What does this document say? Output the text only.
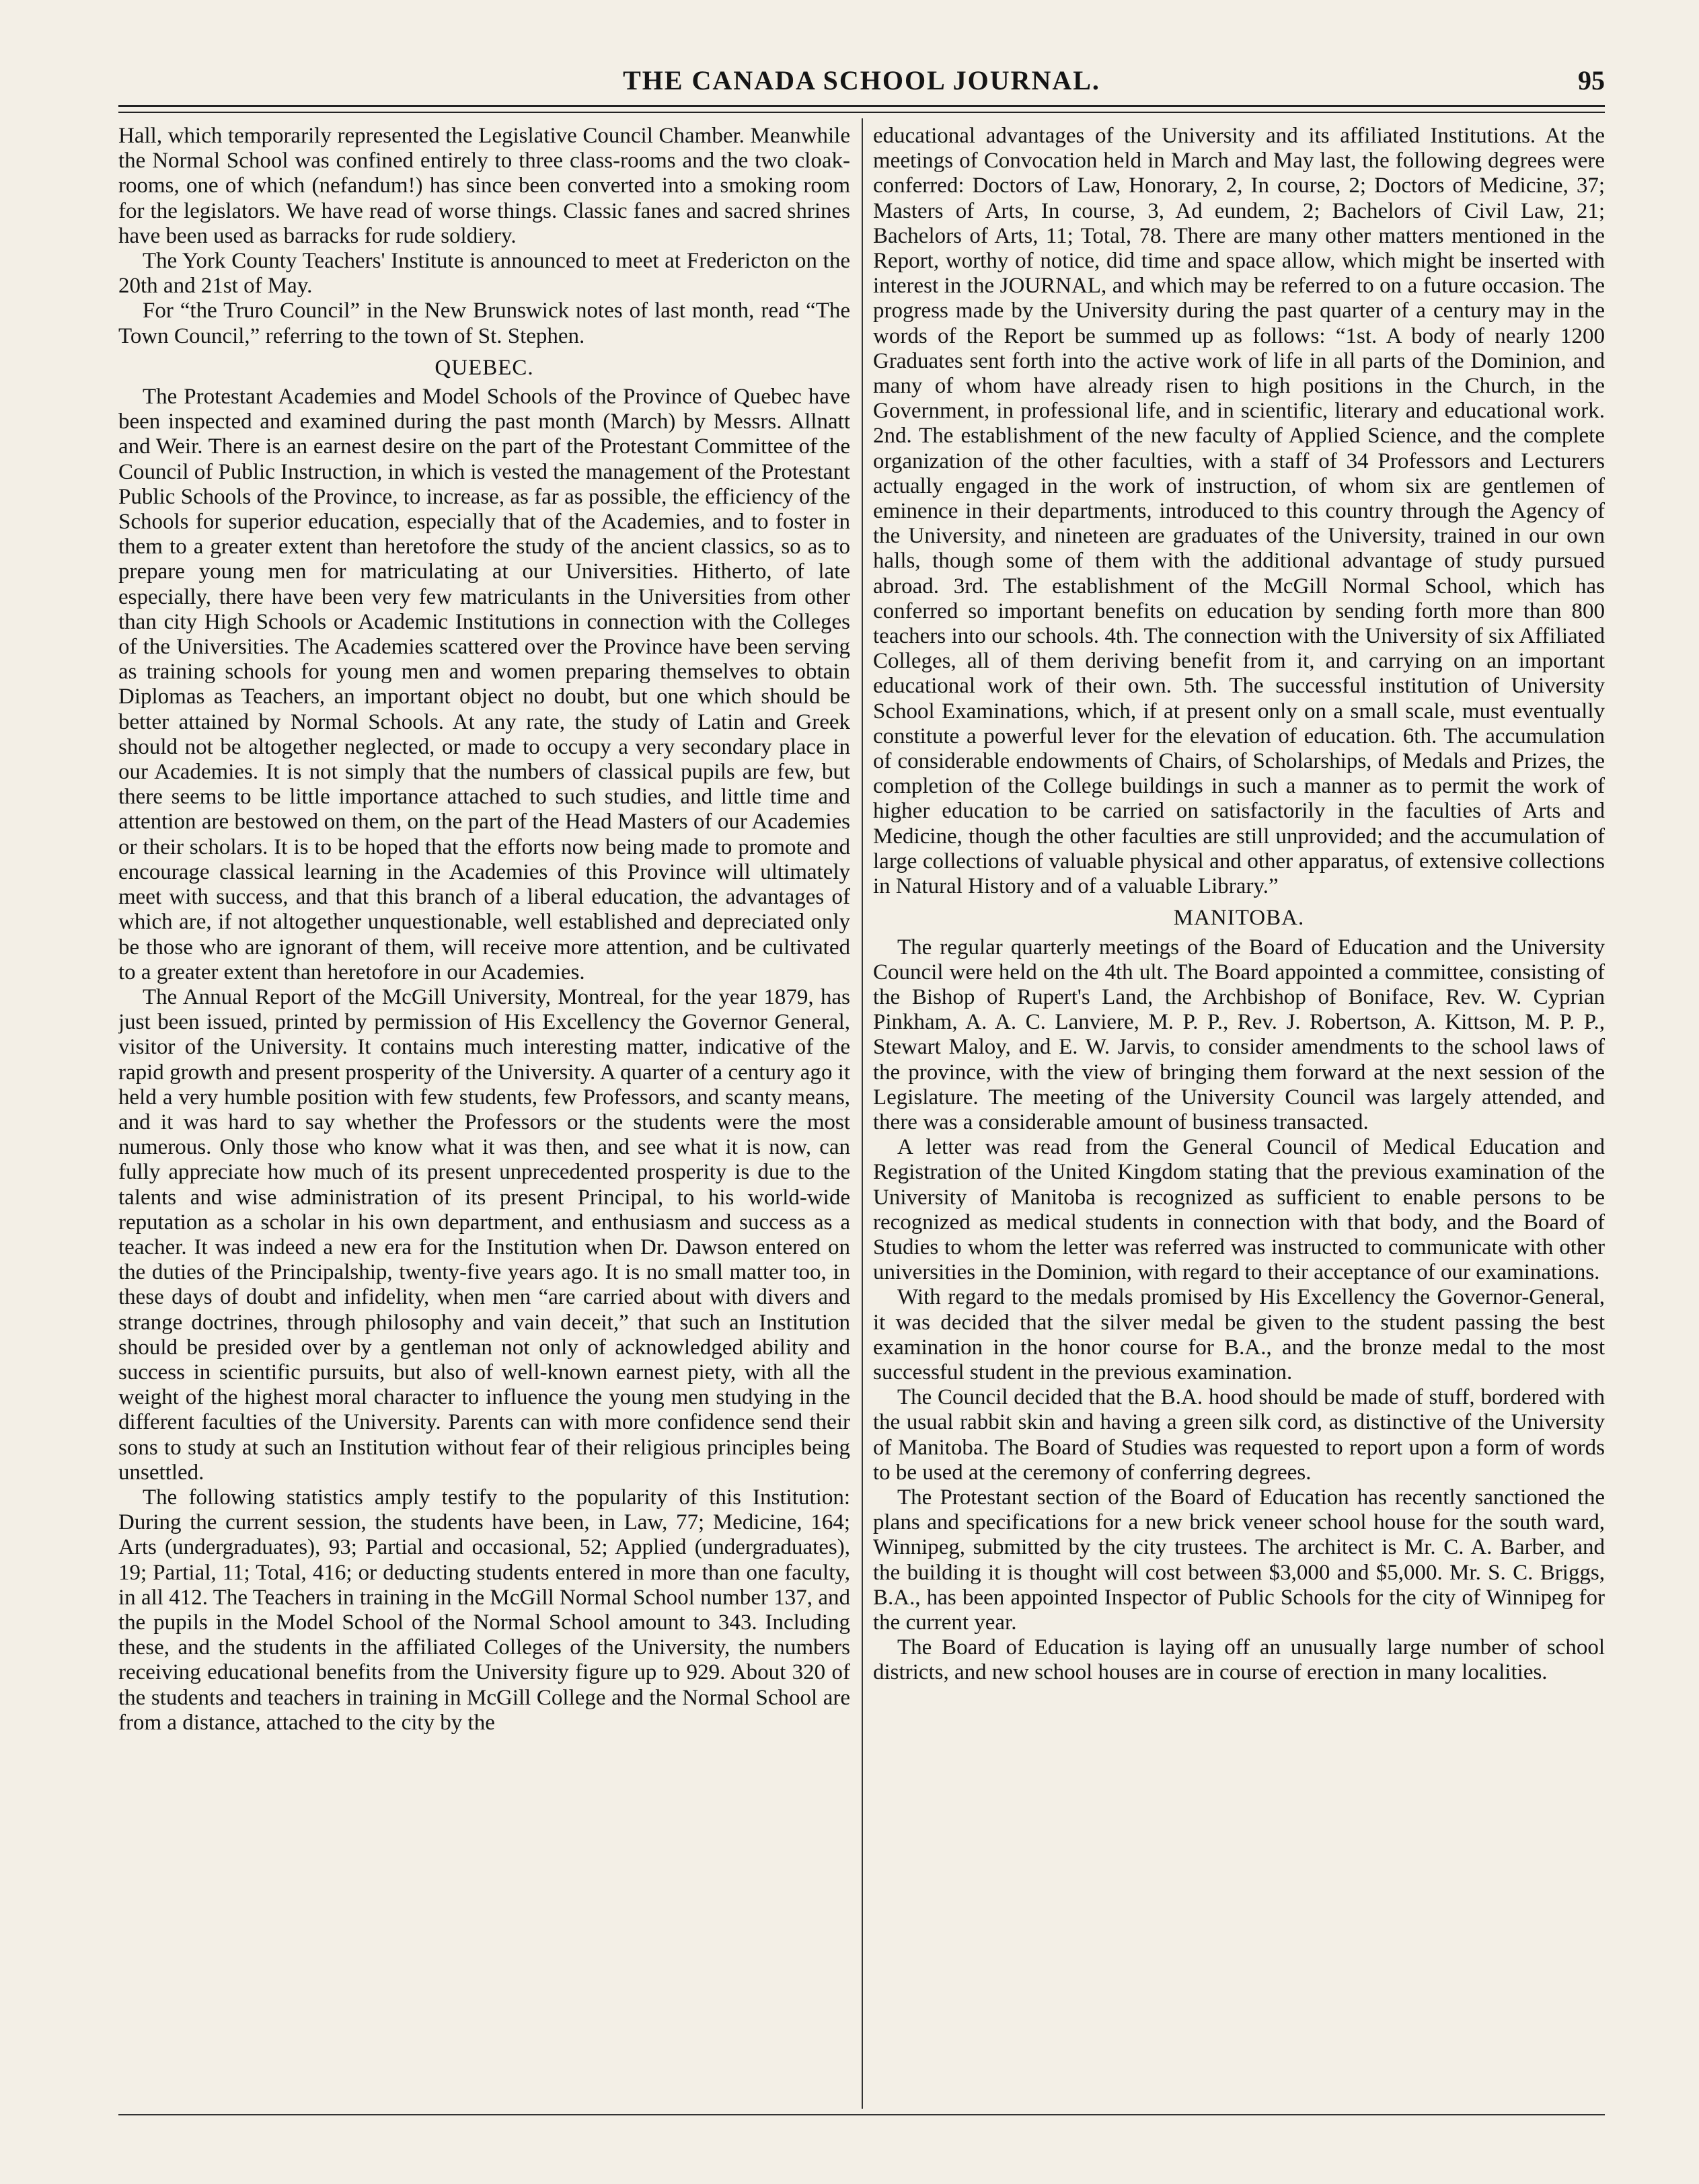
THE CANADA SCHOOL JOURNAL.	95

Hall, which temporarily represented the Legislative Council Chamber. Meanwhile the Normal School was confined entirely to three class-rooms and the two cloak-rooms, one of which (nefandum!) has since been converted into a smoking room for the legislators. We have read of worse things. Classic fanes and sacred shrines have been used as barracks for rude soldiery.

The York County Teachers' Institute is announced to meet at Fredericton on the 20th and 21st of May.

For “the Truro Council” in the New Brunswick notes of last month, read “The Town Council,” referring to the town of St. Stephen.

QUEBEC.

The Protestant Academies and Model Schools of the Province of Quebec have been inspected and examined during the past month (March) by Messrs. Allnatt and Weir. There is an earnest desire on the part of the Protestant Committee of the Council of Public Instruction, in which is vested the management of the Protestant Public Schools of the Province, to increase, as far as possible, the efficiency of the Schools for superior education, especially that of the Academies, and to foster in them to a greater extent than heretofore the study of the ancient classics, so as to prepare young men for matriculating at our Universities. Hitherto, of late especially, there have been very few matriculants in the Universities from other than city High Schools or Academic Institutions in connection with the Colleges of the Universities. The Academies scattered over the Province have been serving as training schools for young men and women preparing themselves to obtain Diplomas as Teachers, an important object no doubt, but one which should be better attained by Normal Schools. At any rate, the study of Latin and Greek should not be altogether neglected, or made to occupy a very secondary place in our Academies. It is not simply that the numbers of classical pupils are few, but there seems to be little importance attached to such studies, and little time and attention are bestowed on them, on the part of the Head Masters of our Academies or their scholars. It is to be hoped that the efforts now being made to promote and encourage classical learning in the Academies of this Province will ultimately meet with success, and that this branch of a liberal education, the advantages of which are, if not altogether unquestionable, well established and depreciated only be those who are ignorant of them, will receive more attention, and be cultivated to a greater extent than heretofore in our Academies.

The Annual Report of the McGill University, Montreal, for the year 1879, has just been issued, printed by permission of His Excellency the Governor General, visitor of the University. It contains much interesting matter, indicative of the rapid growth and present prosperity of the University. A quarter of a century ago it held a very humble position with few students, few Professors, and scanty means, and it was hard to say whether the Professors or the students were the most numerous. Only those who know what it was then, and see what it is now, can fully appreciate how much of its present unprecedented prosperity is due to the talents and wise administration of its present Principal, to his world-wide reputation as a scholar in his own department, and enthusiasm and success as a teacher. It was indeed a new era for the Institution when Dr. Dawson entered on the duties of the Principalship, twenty-five years ago. It is no small matter too, in these days of doubt and infidelity, when men “are carried about with divers and strange doctrines, through philosophy and vain deceit,” that such an Institution should be presided over by a gentleman not only of acknowledged ability and success in scientific pursuits, but also of well-known earnest piety, with all the weight of the highest moral character to influence the young men studying in the different faculties of the University. Parents can with more confidence send their sons to study at such an Institution without fear of their religious principles being unsettled.

The following statistics amply testify to the popularity of this Institution: During the current session, the students have been, in Law, 77; Medicine, 164; Arts (undergraduates), 93; Partial and occasional, 52; Applied (undergraduates), 19; Partial, 11; Total, 416; or deducting students entered in more than one faculty, in all 412. The Teachers in training in the McGill Normal School number 137, and the pupils in the Model School of the Normal School amount to 343. Including these, and the students in the affiliated Colleges of the University, the numbers receiving educational benefits from the University figure up to 929. About 320 of the students and teachers in training in McGill College and the Normal School are from a distance, attached to the city by the

educational advantages of the University and its affiliated Institutions. At the meetings of Convocation held in March and May last, the following degrees were conferred: Doctors of Law, Honorary, 2, In course, 2; Doctors of Medicine, 37; Masters of Arts, In course, 3, Ad eundem, 2; Bachelors of Civil Law, 21; Bachelors of Arts, 11; Total, 78. There are many other matters mentioned in the Report, worthy of notice, did time and space allow, which might be inserted with interest in the JOURNAL, and which may be referred to on a future occasion. The progress made by the University during the past quarter of a century may in the words of the Report be summed up as follows: “1st. A body of nearly 1200 Graduates sent forth into the active work of life in all parts of the Dominion, and many of whom have already risen to high positions in the Church, in the Government, in professional life, and in scientific, literary and educational work. 2nd. The establishment of the new faculty of Applied Science, and the complete organization of the other faculties, with a staff of 34 Professors and Lecturers actually engaged in the work of instruction, of whom six are gentlemen of eminence in their departments, introduced to this country through the Agency of the University, and nineteen are graduates of the University, trained in our own halls, though some of them with the additional advantage of study pursued abroad. 3rd. The establishment of the McGill Normal School, which has conferred so important benefits on education by sending forth more than 800 teachers into our schools. 4th. The connection with the University of six Affiliated Colleges, all of them deriving benefit from it, and carrying on an important educational work of their own. 5th. The successful institution of University School Examinations, which, if at present only on a small scale, must eventually constitute a powerful lever for the elevation of education. 6th. The accumulation of considerable endowments of Chairs, of Scholarships, of Medals and Prizes, the completion of the College buildings in such a manner as to permit the work of higher education to be carried on satisfactorily in the faculties of Arts and Medicine, though the other faculties are still unprovided; and the accumulation of large collections of valuable physical and other apparatus, of extensive collections in Natural History and of a valuable Library.”

MANITOBA.

The regular quarterly meetings of the Board of Education and the University Council were held on the 4th ult. The Board appointed a committee, consisting of the Bishop of Rupert's Land, the Archbishop of Boniface, Rev. W. Cyprian Pinkham, A. A. C. Lanviere, M. P. P., Rev. J. Robertson, A. Kittson, M. P. P., Stewart Maloy, and E. W. Jarvis, to consider amendments to the school laws of the province, with the view of bringing them forward at the next session of the Legislature. The meeting of the University Council was largely attended, and there was a considerable amount of business transacted.

A letter was read from the General Council of Medical Education and Registration of the United Kingdom stating that the previous examination of the University of Manitoba is recognized as sufficient to enable persons to be recognized as medical students in connection with that body, and the Board of Studies to whom the letter was referred was instructed to communicate with other universities in the Dominion, with regard to their acceptance of our examinations.

With regard to the medals promised by His Excellency the Governor-General, it was decided that the silver medal be given to the student passing the best examination in the honor course for B.A., and the bronze medal to the most successful student in the previous examination.

The Council decided that the B.A. hood should be made of stuff, bordered with the usual rabbit skin and having a green silk cord, as distinctive of the University of Manitoba. The Board of Studies was requested to report upon a form of words to be used at the ceremony of conferring degrees.

The Protestant section of the Board of Education has recently sanctioned the plans and specifications for a new brick veneer school house for the south ward, Winnipeg, submitted by the city trustees. The architect is Mr. C. A. Barber, and the building it is thought will cost between $3,000 and $5,000. Mr. S. C. Briggs, B.A., has been appointed Inspector of Public Schools for the city of Winnipeg for the current year.

The Board of Education is laying off an unusually large number of school districts, and new school houses are in course of erection in many localities.
